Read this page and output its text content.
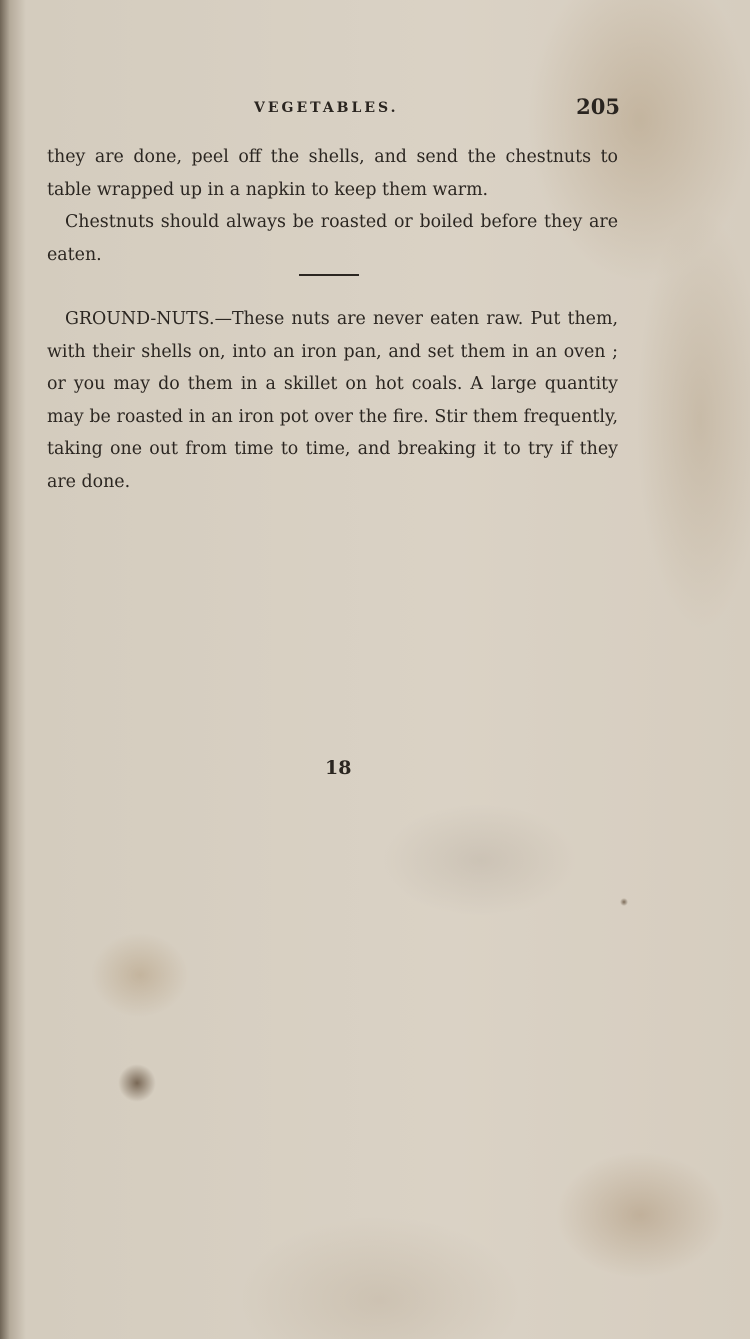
VEGETABLES.	205

they are done, peel off the shells, and send the chestnuts to table wrapped up in a napkin to keep them warm.

Chestnuts should always be roasted or boiled before they are eaten.

GROUND-NUTS.—These nuts are never eaten raw. Put them, with their shells on, into an iron pan, and set them in an oven ; or you may do them in a skillet on hot coals. A large quantity may be roasted in an iron pot over the fire. Stir them frequently, taking one out from time to time, and breaking it to try if they are done.

18
